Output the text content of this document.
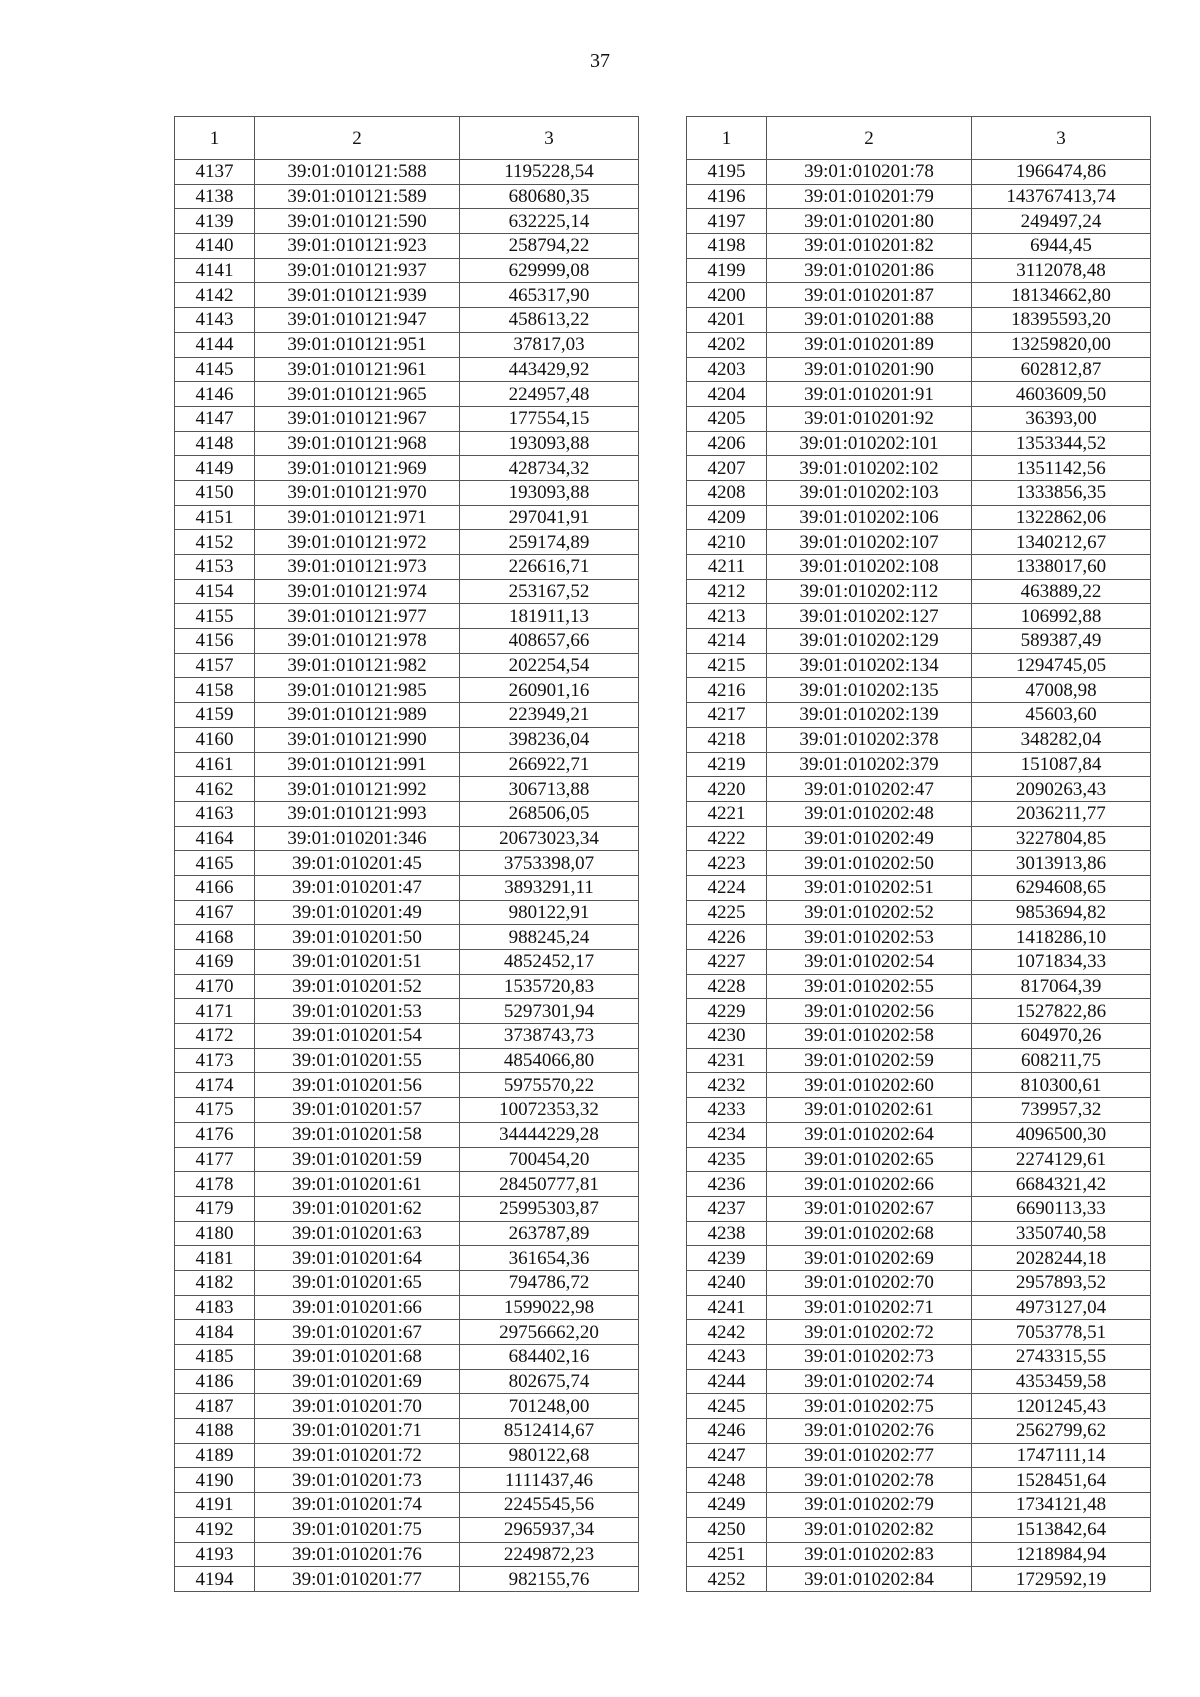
37
1	2	3
4137	39:01:010121:588	1195228,54
4138	39:01:010121:589	680680,35
4139	39:01:010121:590	632225,14
4140	39:01:010121:923	258794,22
4141	39:01:010121:937	629999,08
4142	39:01:010121:939	465317,90
4143	39:01:010121:947	458613,22
4144	39:01:010121:951	37817,03
4145	39:01:010121:961	443429,92
4146	39:01:010121:965	224957,48
4147	39:01:010121:967	177554,15
4148	39:01:010121:968	193093,88
4149	39:01:010121:969	428734,32
4150	39:01:010121:970	193093,88
4151	39:01:010121:971	297041,91
4152	39:01:010121:972	259174,89
4153	39:01:010121:973	226616,71
4154	39:01:010121:974	253167,52
4155	39:01:010121:977	181911,13
4156	39:01:010121:978	408657,66
4157	39:01:010121:982	202254,54
4158	39:01:010121:985	260901,16
4159	39:01:010121:989	223949,21
4160	39:01:010121:990	398236,04
4161	39:01:010121:991	266922,71
4162	39:01:010121:992	306713,88
4163	39:01:010121:993	268506,05
4164	39:01:010201:346	20673023,34
4165	39:01:010201:45	3753398,07
4166	39:01:010201:47	3893291,11
4167	39:01:010201:49	980122,91
4168	39:01:010201:50	988245,24
4169	39:01:010201:51	4852452,17
4170	39:01:010201:52	1535720,83
4171	39:01:010201:53	5297301,94
4172	39:01:010201:54	3738743,73
4173	39:01:010201:55	4854066,80
4174	39:01:010201:56	5975570,22
4175	39:01:010201:57	10072353,32
4176	39:01:010201:58	34444229,28
4177	39:01:010201:59	700454,20
4178	39:01:010201:61	28450777,81
4179	39:01:010201:62	25995303,87
4180	39:01:010201:63	263787,89
4181	39:01:010201:64	361654,36
4182	39:01:010201:65	794786,72
4183	39:01:010201:66	1599022,98
4184	39:01:010201:67	29756662,20
4185	39:01:010201:68	684402,16
4186	39:01:010201:69	802675,74
4187	39:01:010201:70	701248,00
4188	39:01:010201:71	8512414,67
4189	39:01:010201:72	980122,68
4190	39:01:010201:73	1111437,46
4191	39:01:010201:74	2245545,56
4192	39:01:010201:75	2965937,34
4193	39:01:010201:76	2249872,23
4194	39:01:010201:77	982155,76
1	2	3
4195	39:01:010201:78	1966474,86
4196	39:01:010201:79	143767413,74
4197	39:01:010201:80	249497,24
4198	39:01:010201:82	6944,45
4199	39:01:010201:86	3112078,48
4200	39:01:010201:87	18134662,80
4201	39:01:010201:88	18395593,20
4202	39:01:010201:89	13259820,00
4203	39:01:010201:90	602812,87
4204	39:01:010201:91	4603609,50
4205	39:01:010201:92	36393,00
4206	39:01:010202:101	1353344,52
4207	39:01:010202:102	1351142,56
4208	39:01:010202:103	1333856,35
4209	39:01:010202:106	1322862,06
4210	39:01:010202:107	1340212,67
4211	39:01:010202:108	1338017,60
4212	39:01:010202:112	463889,22
4213	39:01:010202:127	106992,88
4214	39:01:010202:129	589387,49
4215	39:01:010202:134	1294745,05
4216	39:01:010202:135	47008,98
4217	39:01:010202:139	45603,60
4218	39:01:010202:378	348282,04
4219	39:01:010202:379	151087,84
4220	39:01:010202:47	2090263,43
4221	39:01:010202:48	2036211,77
4222	39:01:010202:49	3227804,85
4223	39:01:010202:50	3013913,86
4224	39:01:010202:51	6294608,65
4225	39:01:010202:52	9853694,82
4226	39:01:010202:53	1418286,10
4227	39:01:010202:54	1071834,33
4228	39:01:010202:55	817064,39
4229	39:01:010202:56	1527822,86
4230	39:01:010202:58	604970,26
4231	39:01:010202:59	608211,75
4232	39:01:010202:60	810300,61
4233	39:01:010202:61	739957,32
4234	39:01:010202:64	4096500,30
4235	39:01:010202:65	2274129,61
4236	39:01:010202:66	6684321,42
4237	39:01:010202:67	6690113,33
4238	39:01:010202:68	3350740,58
4239	39:01:010202:69	2028244,18
4240	39:01:010202:70	2957893,52
4241	39:01:010202:71	4973127,04
4242	39:01:010202:72	7053778,51
4243	39:01:010202:73	2743315,55
4244	39:01:010202:74	4353459,58
4245	39:01:010202:75	1201245,43
4246	39:01:010202:76	2562799,62
4247	39:01:010202:77	1747111,14
4248	39:01:010202:78	1528451,64
4249	39:01:010202:79	1734121,48
4250	39:01:010202:82	1513842,64
4251	39:01:010202:83	1218984,94
4252	39:01:010202:84	1729592,19
